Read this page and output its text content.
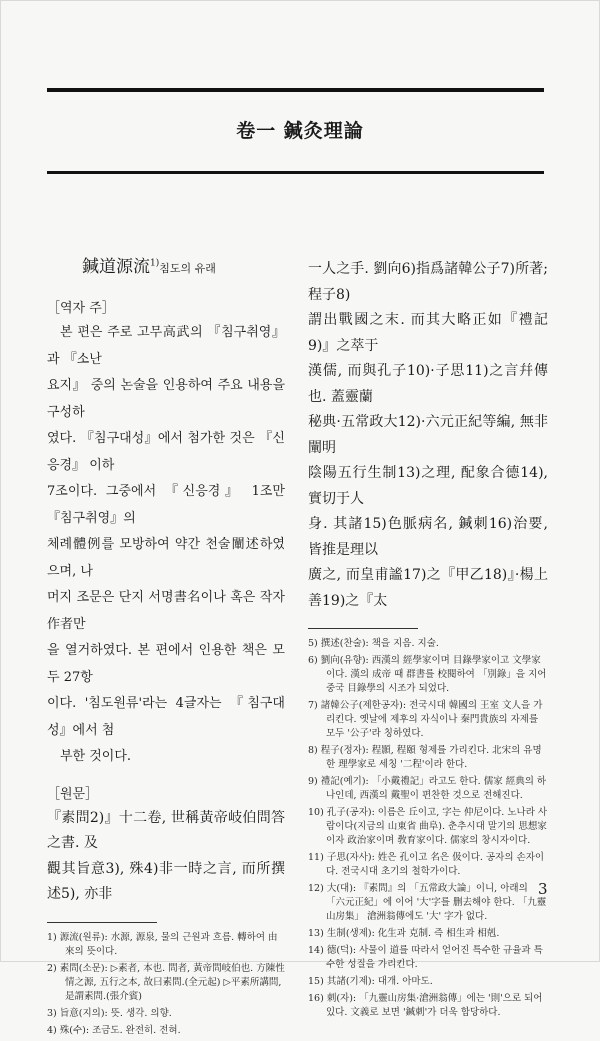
卷一 鍼灸理論
鍼道源流$^{1)}$침도의 유래

［역자 주］

본 편은 주로 고무高武의 『침구취영』과 『소난

요지』 중의 논술을 인용하여 주요 내용을 구성하

였다. 『침구대성』에서 첨가한 것은 『신응경』 이하

7조이다. 그중에서 『신응경』 1조만 『침구취영』의

체례體例를 모방하여 약간 천술闡述하였으며, 나

머지 조문은 단지 서명書名이나 혹은 작자作者만

을 열거하였다. 본 편에서 인용한 책은 모두 27항

이다. '침도원류'라는 4글자는 『침구대성』에서 첨

부한 것이다.

［원문］

『素問2)』十二卷, 世稱黃帝岐伯問答之書. 及

觀其旨意3), 殊4)非一時之言, 而所撰述5), 亦非

1) 源流(원류): 水源, 源泉, 물의 근원과 흐름. 轉하여 由來의 뜻이다.

2) 素問(소문): ▷素者, 本也. 問者, 黃帝問岐伯也. 方陳性情之源, 五行之本, 故曰素問.(全元起) ▷平素所講問, 是謂素問.(張介賓)

3) 旨意(지의): 뜻. 생각. 의향.

4) 殊(수): 조금도. 완전히. 전혀.

一人之手. 劉向6)指爲諸韓公子7)所著; 程子8)

謂出戰國之末. 而其大略正如『禮記9)』之萃于

漢儒, 而與孔子10)·子思11)之言幷傳也. 蓋靈蘭

秘典·五常政大12)·六元正紀等編, 無非闡明

陰陽五行生制13)之理, 配象合德14), 實切于人

身. 其諸15)色脈病名, 鍼刺16)治要, 皆推是理以

廣之, 而皇甫謐17)之『甲乙18)』·楊上善19)之『太

5) 撰述(찬술): 책을 지음. 지술.

6) 劉向(유향): 西漢의 經學家이며 目錄學家이고 文學家이다. 漢의 成帝 때 群書를 校閱하여 「別錄」을 지어 중국 目錄學의 시조가 되었다.

7) 諸韓公子(제한공자): 전국시대 韓國의 王室 文人을 가리킨다. 옛날에 제후의 자식이나 秦門貴族의 자제를 모두 '公子'라 칭하였다.

8) 程子(정자): 程顥, 程頤 형제를 가리킨다. 北宋의 유명한 理學家로 세칭 '二程'이라 한다.

9) 禮記(예기): 「小戴禮記」라고도 한다. 儒家 經典의 하나인데, 西漢의 戴聖이 편찬한 것으로 전해진다.

10) 孔子(공자): 이름은 丘이고, 字는 仲尼이다. 노나라 사람이다(지금의 山東省 曲阜). 춘추시대 말기의 思想家이자 政治家이며 敎育家이다. 儒家의 창시자이다.

11) 子思(자사): 姓은 孔이고 名은 伋이다. 공자의 손자이다. 전국시대 초기의 철학가이다.

12) 大(대): 『素問』의 「五常政大論」이니, 아래의 「六元正紀」에 이어 '大'字를 删去해야 한다. 「九靈山房集」 滄洲翁傳에도 '大' 字가 없다.

13) 生制(생제): 化生과 克制. 즉 相生과 相剋.

14) 德(덕): 사물이 道를 따라서 얻어진 특수한 규율과 특수한 성질을 가리킨다.

15) 其諸(기제): 대개. 아마도.

16) 刺(자): 「九靈山房集·滄洲翁傳」에는 '則'으로 되어 있다. 文義로 보면 '鍼刺'가 더욱 합당하다.

3
